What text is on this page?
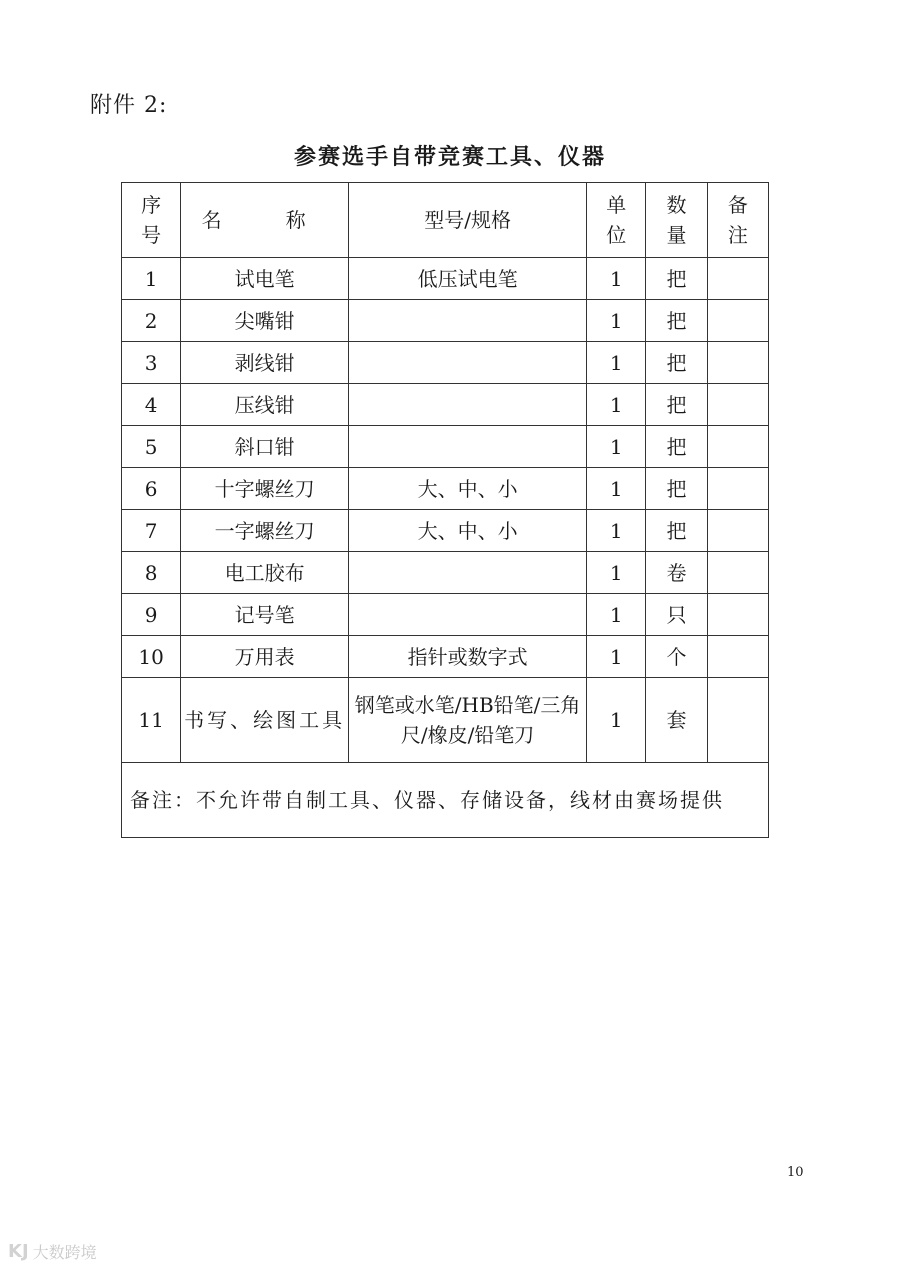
附件 2:
参赛选手自带竞赛工具、仪器
序号	名　称	型号/规格	单位	数量	备注
1	试电笔	低压试电笔	1	把	
2	尖嘴钳		1	把	
3	剥线钳		1	把	
4	压线钳		1	把	
5	斜口钳		1	把	
6	十字螺丝刀	大、中、小	1	把	
7	一字螺丝刀	大、中、小	1	把	
8	电工胶布		1	卷	
9	记号笔		1	只	
10	万用表	指针或数字式	1	个	
11	书写、绘图工具	钢笔或水笔/HB铅笔/三角尺/橡皮/铅笔刀	1	套	
备注：不允许带自制工具、仪器、存储设备，线材由赛场提供					
10
KJ 大数跨境
